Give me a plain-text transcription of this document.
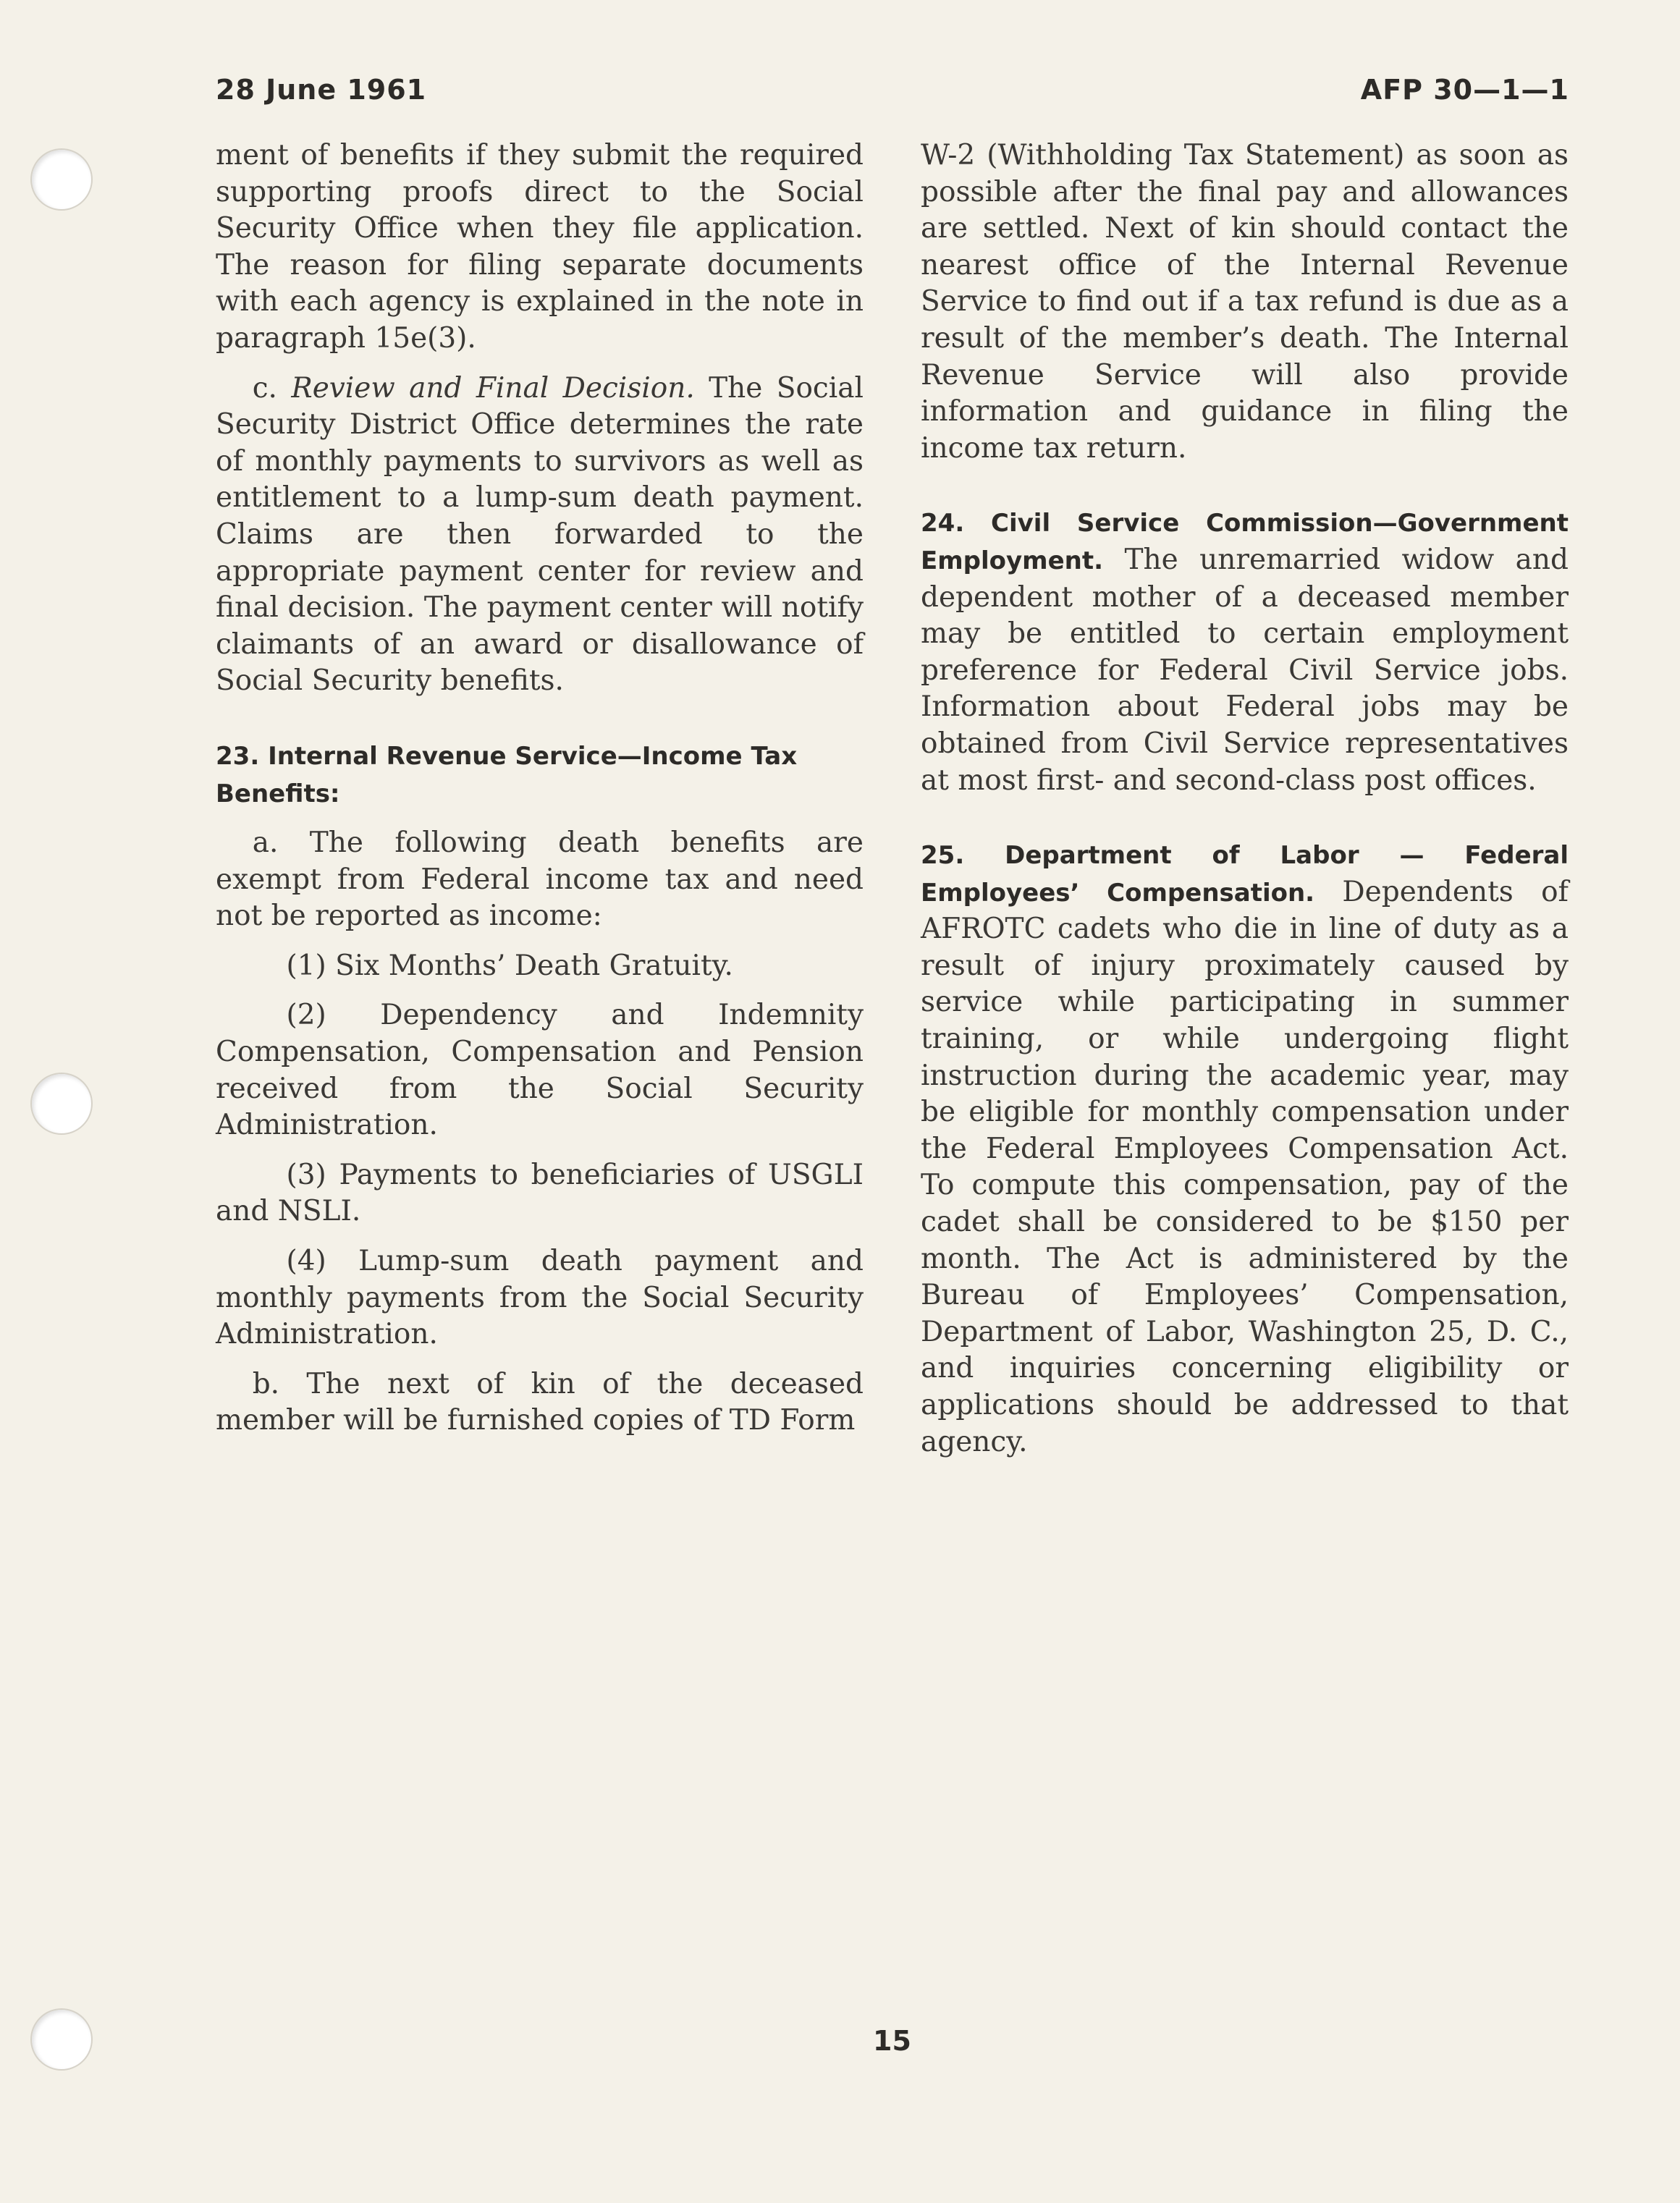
28 June 1961	AFP 30—1—1

ment of benefits if they submit the required supporting proofs direct to the Social Security Office when they file application. The reason for filing separate documents with each agency is explained in the note in paragraph 15e(3).

c. Review and Final Decision. The Social Security District Office determines the rate of monthly payments to survivors as well as entitlement to a lump-sum death payment. Claims are then forwarded to the appropriate payment center for review and final decision. The payment center will notify claimants of an award or disallowance of Social Security benefits.

23. Internal Revenue Service—Income Tax Benefits:

a. The following death benefits are exempt from Federal income tax and need not be reported as income:

(1) Six Months’ Death Gratuity.

(2) Dependency and Indemnity Compensation, Compensation and Pension received from the Social Security Administration.

(3) Payments to beneficiaries of USGLI and NSLI.

(4) Lump-sum death payment and monthly payments from the Social Security Administration.

b. The next of kin of the deceased member will be furnished copies of TD Form

W-2 (Withholding Tax Statement) as soon as possible after the final pay and allowances are settled. Next of kin should contact the nearest office of the Internal Revenue Service to find out if a tax refund is due as a result of the member’s death. The Internal Revenue Service will also provide information and guidance in filing the income tax return.

24. Civil Service Commission—Government Employment. The unremarried widow and dependent mother of a deceased member may be entitled to certain employment preference for Federal Civil Service jobs. Information about Federal jobs may be obtained from Civil Service representatives at most first- and second-class post offices.

25. Department of Labor — Federal Employees’ Compensation. Dependents of AFROTC cadets who die in line of duty as a result of injury proximately caused by service while participating in summer training, or while undergoing flight instruction during the academic year, may be eligible for monthly compensation under the Federal Employees Compensation Act. To compute this compensation, pay of the cadet shall be considered to be $150 per month. The Act is administered by the Bureau of Employees’ Compensation, Department of Labor, Washington 25, D. C., and inquiries concerning eligibility or applications should be addressed to that agency.

15
